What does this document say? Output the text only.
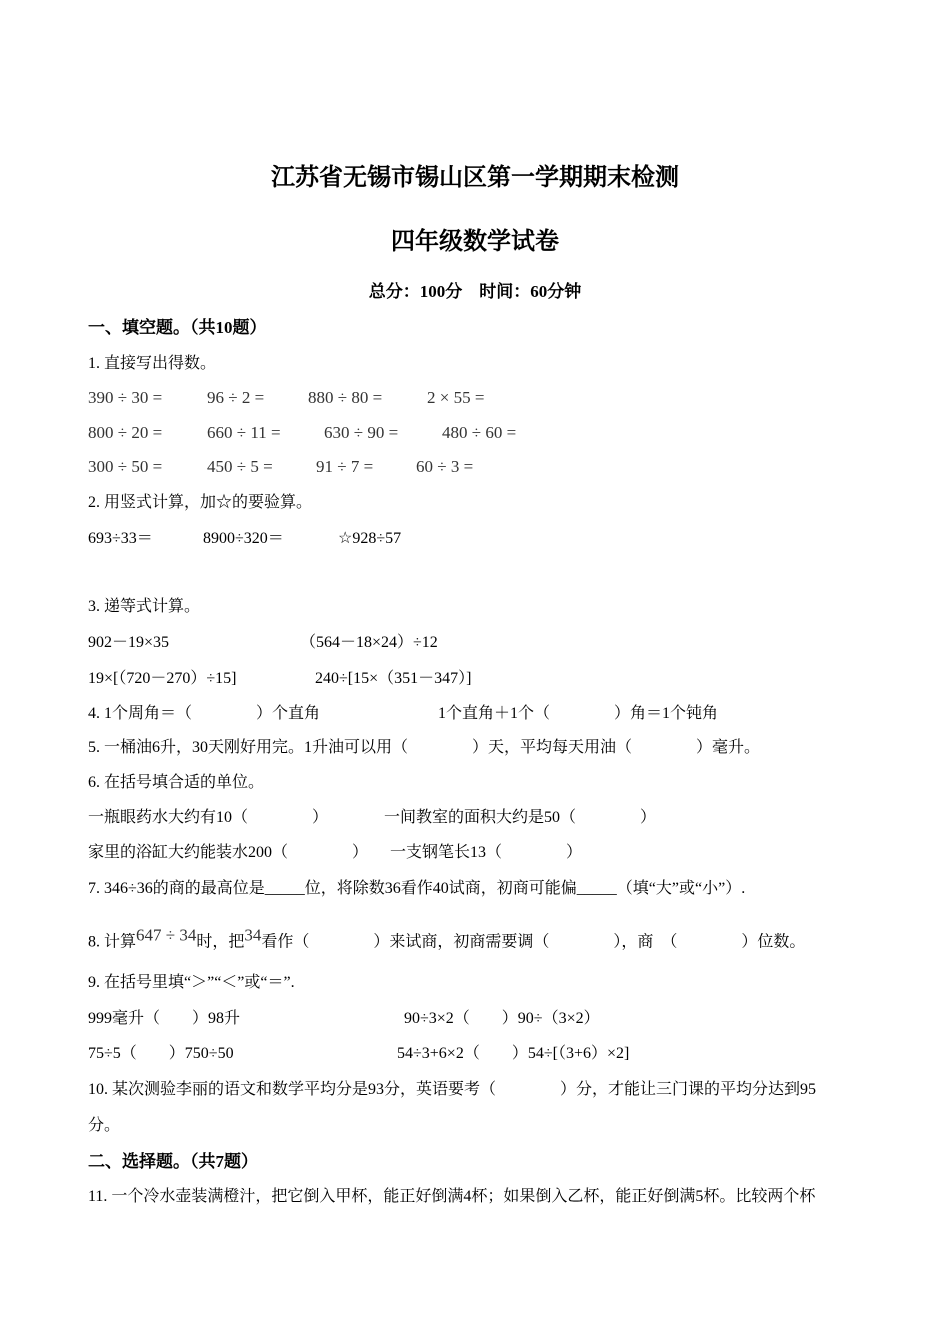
江苏省无锡市锡山区第一学期期末检测
四年级数学试卷
总分：100分　时间：60分钟
一、填空题。（共10题）
1. 直接写出得数。
390 ÷ 30 =	96 ÷ 2 =	880 ÷ 80 =	2 × 55 =
800 ÷ 20 =	660 ÷ 11 =	630 ÷ 90 =	480 ÷ 60 =
300 ÷ 50 =	450 ÷ 5 =	91 ÷ 7 =	60 ÷ 3 =
2. 用竖式计算，加☆的要验算。
693÷33＝	8900÷320＝	☆928÷57
3. 递等式计算。
902－19×35	（564－18×24）÷12
19×[（720－270）÷15]	240÷[15×（351－347）]
4. 1个周角＝（　　　　）个直角	1个直角＋1个（　　　　）角＝1个钝角
5. 一桶油6升，30天刚好用完。1升油可以用（　　　　）天，平均每天用油（　　　　）毫升。
6. 在括号填合适的单位。
一瓶眼药水大约有10（　　　　）	一间教室的面积大约是50（　　　　）
家里的浴缸大约能装水200（　　　　） 一支钢笔长13（　　　　）
7. 346÷36的商的最高位是_____位，将除数36看作40试商，初商可能偏_____（填“大”或“小”）.
8. 计算$^{647 \div 34}$时，把$^{34}$看作（　　　　）来试商，初商需要调（　　　　），商　（　　　　）位数。
9. 在括号里填“＞”“＜”或“＝”.
999毫升（　　）98升	90÷3×2（　　）90÷（3×2）
75÷5（　　）750÷50	54÷3+6×2（　　）54÷[（3+6）×2]
10. 某次测验李丽的语文和数学平均分是93分，英语要考（　　　　）分，才能让三门课的平均分达到95
分。
二、选择题。（共7题）
11. 一个冷水壶装满橙汁，把它倒入甲杯，能正好倒满4杯；如果倒入乙杯，能正好倒满5杯。比较两个杯
